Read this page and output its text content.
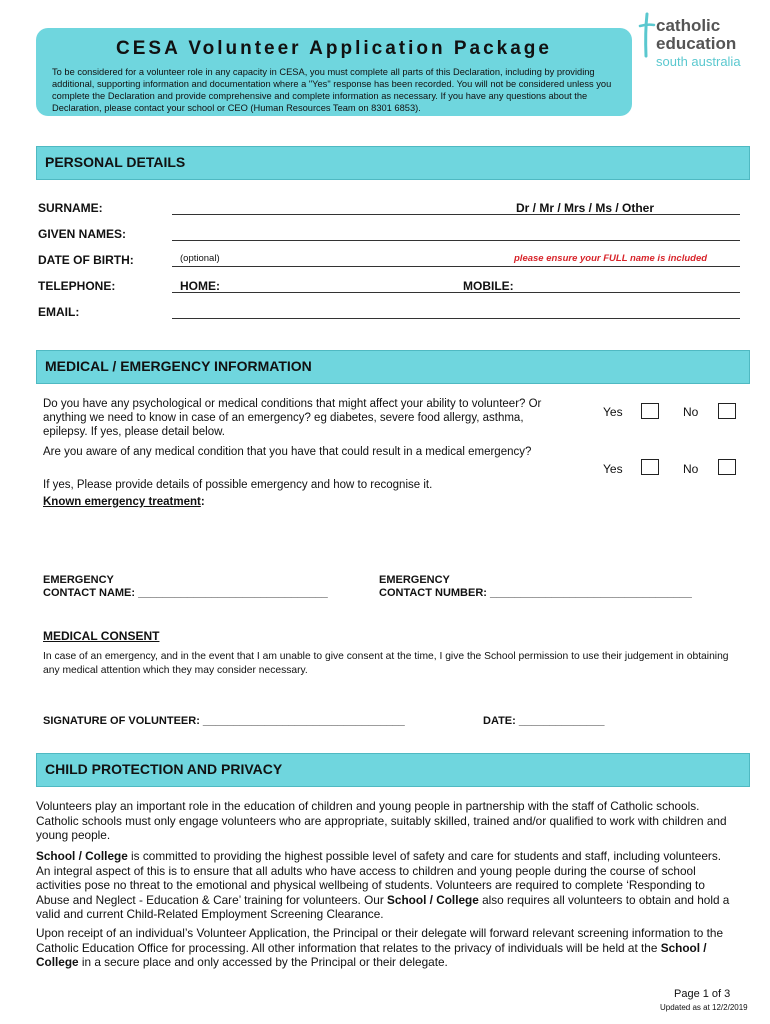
CESA Volunteer Application Package
To be considered for a volunteer role in any capacity in CESA, you must complete all parts of this Declaration, including by providing additional, supporting information and documentation where a "Yes" response has been recorded. You will not be considered unless you complete the Declaration and provide comprehensive and complete information as necessary. If you have any questions about the Declaration, please contact your school or CEO (Human Resources Team on 8301 6853).
catholic
education
south australia
PERSONAL DETAILS
SURNAME:	Dr / Mr / Mrs / Ms / Other
GIVEN NAMES:
DATE OF BIRTH:	(optional)	please ensure your FULL name is included
TELEPHONE:	HOME:	MOBILE:
EMAIL:
MEDICAL / EMERGENCY INFORMATION
Do you have any psychological or medical conditions that might affect your ability to volunteer? Or anything we need to know in case of an emergency? eg diabetes, severe food allergy, asthma, epilepsy. If yes, please detail below.
Yes	No
Are you aware of any medical condition that you have that could result in a medical emergency?
Yes	No
If yes, Please provide details of possible emergency and how to recognise it.
Known emergency treatment:
EMERGENCY
CONTACT NAME: _______________________________
EMERGENCY
CONTACT NUMBER: _________________________________
MEDICAL CONSENT
In case of an emergency, and in the event that I am unable to give consent at the time, I give the School permission to use their judgement in obtaining any medical attention which they may consider necessary.
SIGNATURE OF VOLUNTEER: _________________________________	DATE: ______________
CHILD PROTECTION AND PRIVACY
Volunteers play an important role in the education of children and young people in partnership with the staff of Catholic schools. Catholic schools must only engage volunteers who are appropriate, suitably skilled, trained and/or qualified to work with children and young people.
School / College is committed to providing the highest possible level of safety and care for students and staff, including volunteers. An integral aspect of this is to ensure that all adults who have access to children and young people during the course of school activities pose no threat to the emotional and physical wellbeing of students. Volunteers are required to complete ‘Responding to Abuse and Neglect - Education & Care’ training for volunteers. Our School / College also requires all volunteers to obtain and hold a valid and current Child-Related Employment Screening Clearance.
Upon receipt of an individual’s Volunteer Application, the Principal or their delegate will forward relevant screening information to the Catholic Education Office for processing. All other information that relates to the privacy of individuals will be held at the School / College in a secure place and only accessed by the Principal or their delegate.
Page 1 of 3
Updated as at 12/2/2019
